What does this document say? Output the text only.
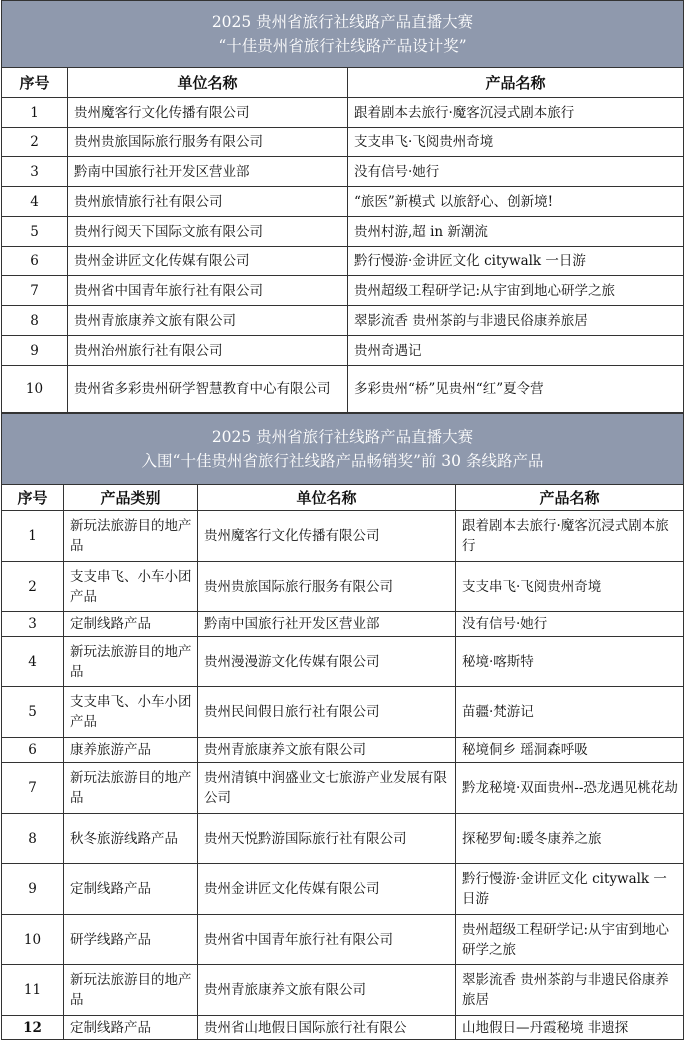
2025 贵州省旅行社线路产品直播大赛
“十佳贵州省旅行社线路产品设计奖”		

序号	单位名称	产品名称
1	贵州魔客行文化传播有限公司	跟着剧本去旅行·魔客沉浸式剧本旅行
2	贵州贵旅国际旅行服务有限公司	支支串飞·飞阅贵州奇境
3	黔南中国旅行社开发区营业部	没有信号·她行
4	贵州旅情旅行社有限公司	“旅医”新模式 以旅舒心、创新境!
5	贵州行阅天下国际文旅有限公司	贵州村游,超 in 新潮流
6	贵州金讲匠文化传媒有限公司	黔行慢游·金讲匠文化 citywalk 一日游
7	贵州省中国青年旅行社有限公司	贵州超级工程研学记:从宇宙到地心研学之旅
8	贵州青旅康养文旅有限公司	翠影流香 贵州茶韵与非遗民俗康养旅居
9	贵州治州旅行社有限公司	贵州奇遇记
10	贵州省多彩贵州研学智慧教育中心有限公司	多彩贵州“桥”见贵州“红”夏令营
2025 贵州省旅行社线路产品直播大赛
入围“十佳贵州省旅行社线路产品畅销奖”前 30 条线路产品			

序号	产品类别	单位名称	产品名称
1	新玩法旅游目的地产品	贵州魔客行文化传播有限公司	跟着剧本去旅行·魔客沉浸式剧本旅行
2	支支串飞、小车小团产品	贵州贵旅国际旅行服务有限公司	支支串飞·飞阅贵州奇境
3	定制线路产品	黔南中国旅行社开发区营业部	没有信号·她行
4	新玩法旅游目的地产品	贵州漫漫游文化传媒有限公司	秘境·喀斯特
5	支支串飞、小车小团产品	贵州民间假日旅行社有限公司	苗疆·梵游记
6	康养旅游产品	贵州青旅康养文旅有限公司	秘境侗乡 瑶洞森呼吸
7	新玩法旅游目的地产品	贵州清镇中润盛业文七旅游产业发展有限公司	黔龙秘境·双面贵州--恐龙遇见桃花劫
8	秋冬旅游线路产品	贵州天悦黔游国际旅行社有限公司	探秘罗甸:暖冬康养之旅
9	定制线路产品	贵州金讲匠文化传媒有限公司	黔行慢游·金讲匠文化 citywalk 一日游
10	研学线路产品	贵州省中国青年旅行社有限公司	贵州超级工程研学记:从宇宙到地心研学之旅
11	新玩法旅游目的地产品	贵州青旅康养文旅有限公司	翠影流香 贵州茶韵与非遗民俗康养旅居
12	定制线路产品	贵州省山地假日国际旅行社有限公	山地假日—丹霞秘境 非遗探
